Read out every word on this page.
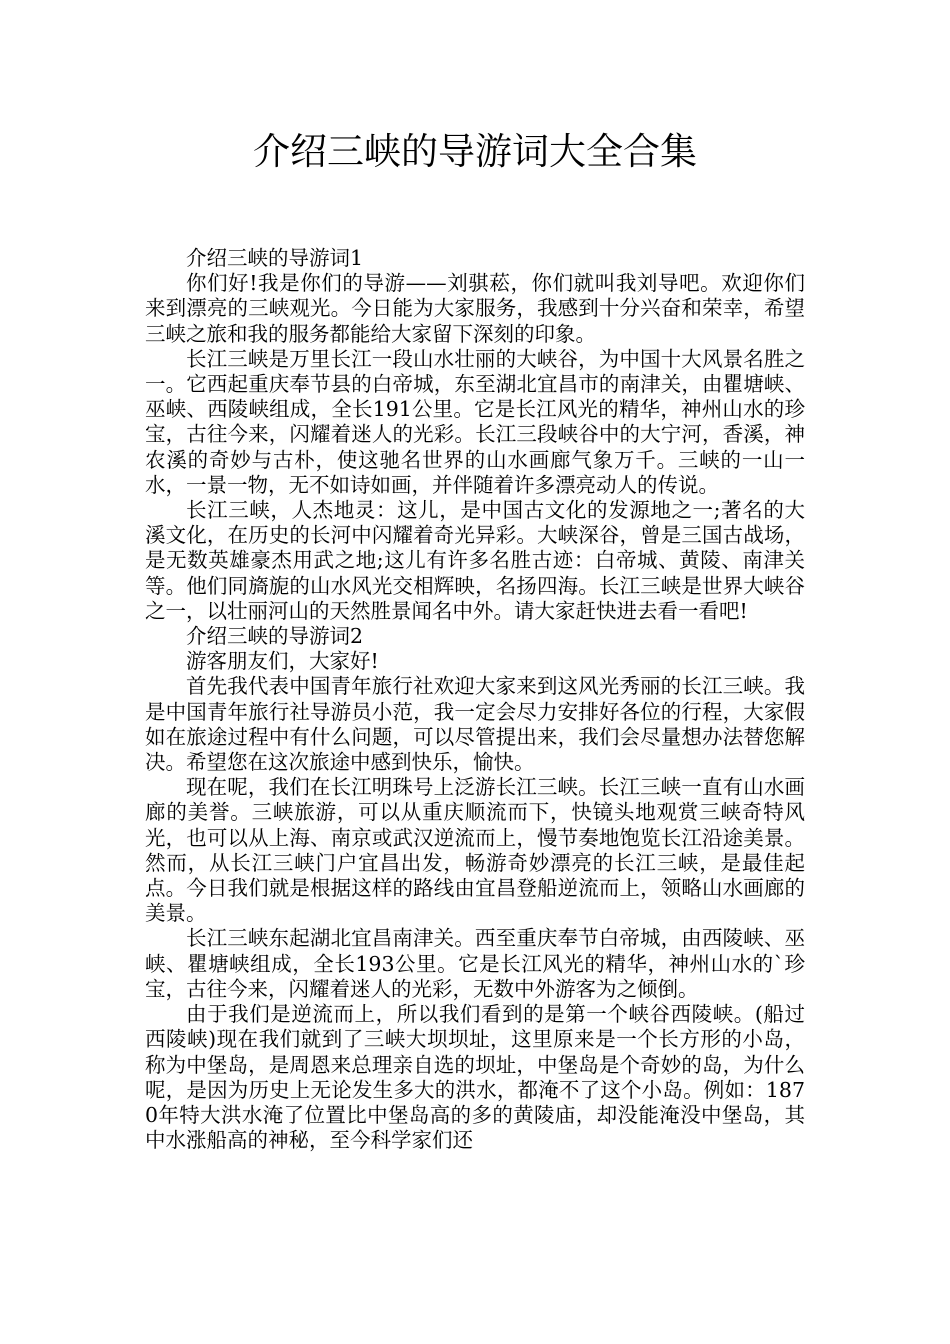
介绍三峡的导游词大全合集

介绍三峡的导游词1

你们好!我是你们的导游——刘骐菘，你们就叫我刘导吧。欢迎你们来到漂亮的三峡观光。今日能为大家服务，我感到十分兴奋和荣幸，希望三峡之旅和我的服务都能给大家留下深刻的印象。

长江三峡是万里长江一段山水壮丽的大峡谷，为中国十大风景名胜之一。它西起重庆奉节县的白帝城，东至湖北宜昌市的南津关，由瞿塘峡、巫峡、西陵峡组成，全长191公里。它是长江风光的精华，神州山水的珍宝，古往今来，闪耀着迷人的光彩。长江三段峡谷中的大宁河，香溪，神农溪的奇妙与古朴，使这驰名世界的山水画廊气象万千。三峡的一山一水，一景一物，无不如诗如画，并伴随着许多漂亮动人的传说。

长江三峡，人杰地灵：这儿，是中国古文化的发源地之一;著名的大溪文化，在历史的长河中闪耀着奇光异彩。大峡深谷，曾是三国古战场，是无数英雄豪杰用武之地;这儿有许多名胜古迹：白帝城、黄陵、南津关等。他们同旖旎的山水风光交相辉映，名扬四海。长江三峡是世界大峡谷之一，以壮丽河山的天然胜景闻名中外。请大家赶快进去看一看吧!

介绍三峡的导游词2

游客朋友们，大家好!

首先我代表中国青年旅行社欢迎大家来到这风光秀丽的长江三峡。我是中国青年旅行社导游员小范，我一定会尽力安排好各位的行程，大家假如在旅途过程中有什么问题，可以尽管提出来，我们会尽量想办法替您解决。希望您在这次旅途中感到快乐，愉快。

现在呢，我们在长江明珠号上泛游长江三峡。长江三峡一直有山水画廊的美誉。三峡旅游，可以从重庆顺流而下，快镜头地观赏三峡奇特风光，也可以从上海、南京或武汉逆流而上，慢节奏地饱览长江沿途美景。然而，从长江三峡门户宜昌出发，畅游奇妙漂亮的长江三峡，是最佳起点。今日我们就是根据这样的路线由宜昌登船逆流而上，领略山水画廊的美景。

长江三峡东起湖北宜昌南津关。西至重庆奉节白帝城，由西陵峡、巫峡、瞿塘峡组成，全长193公里。它是长江风光的精华，神州山水的`珍宝，古往今来，闪耀着迷人的光彩，无数中外游客为之倾倒。

由于我们是逆流而上，所以我们看到的是第一个峡谷西陵峡。(船过西陵峡)现在我们就到了三峡大坝坝址，这里原来是一个长方形的小岛，称为中堡岛，是周恩来总理亲自选的坝址，中堡岛是个奇妙的岛，为什么呢，是因为历史上无论发生多大的洪水，都淹不了这个小岛。例如：1870年特大洪水淹了位置比中堡岛高的多的黄陵庙，却没能淹没中堡岛，其中水涨船高的神秘，至今科学家们还
